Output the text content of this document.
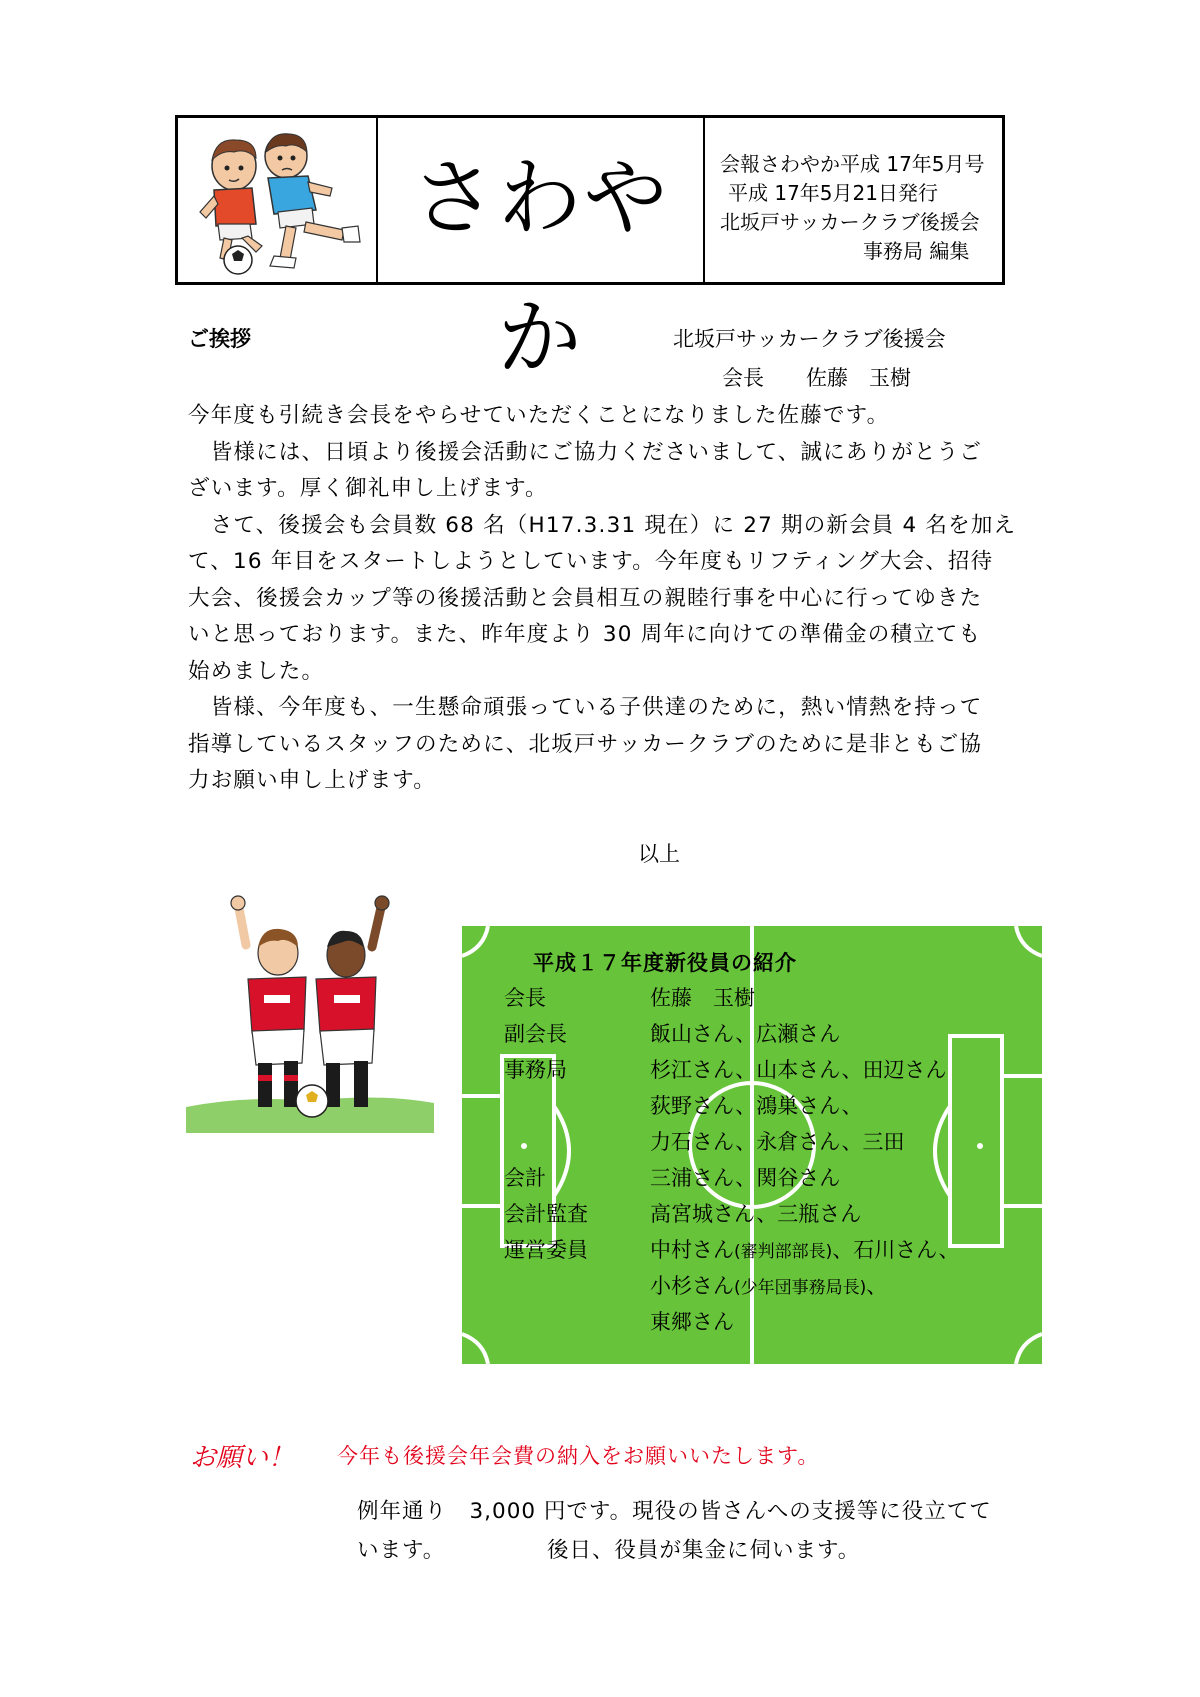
さわやか
会報さわやか平成 17年5月号
平成 17年5月21日発行
北坂戸サッカークラブ後援会
事務局 編集
ご挨拶	北坂戸サッカークラブ後援会
会長　　佐藤　玉樹

今年度も引続き会長をやらせていただくことになりました佐藤です。

　皆様には、日頃より後援会活動にご協力くださいまして、誠にありがとうご

ざいます。厚く御礼申し上げます。

　さて、後援会も会員数 68 名（H17.3.31 現在）に 27 期の新会員 4 名を加え

て、16 年目をスタートしようとしています。今年度もリフティング大会、招待

大会、後援会カップ等の後援活動と会員相互の親睦行事を中心に行ってゆきた

いと思っております。また、昨年度より 30 周年に向けての準備金の積立ても

始めました。

　皆様、今年度も、一生懸命頑張っている子供達のために，熱い情熱を持って

指導しているスタッフのために、北坂戸サッカークラブのために是非ともご協

力お願い申し上げます。

以上
平成１７年度新役員の紹介
会長	佐藤　玉樹
副会長	飯山さん、広瀬さん
事務局	杉江さん、山本さん、田辺さん
荻野さん、鴻巣さん、
力石さん、永倉さん、三田
会計	三浦さん、関谷さん
会計監査	高宮城さん、三瓶さん
運営委員	中村さん(審判部部長)、石川さん、
小杉さん(少年団事務局長)、
東郷さん
お願い！ 今年も後援会年会費の納入をお願いいたします。

例年通り　3,000 円です。現役の皆さんへの支援等に役立てて

います。　　　　　後日、役員が集金に伺います。
